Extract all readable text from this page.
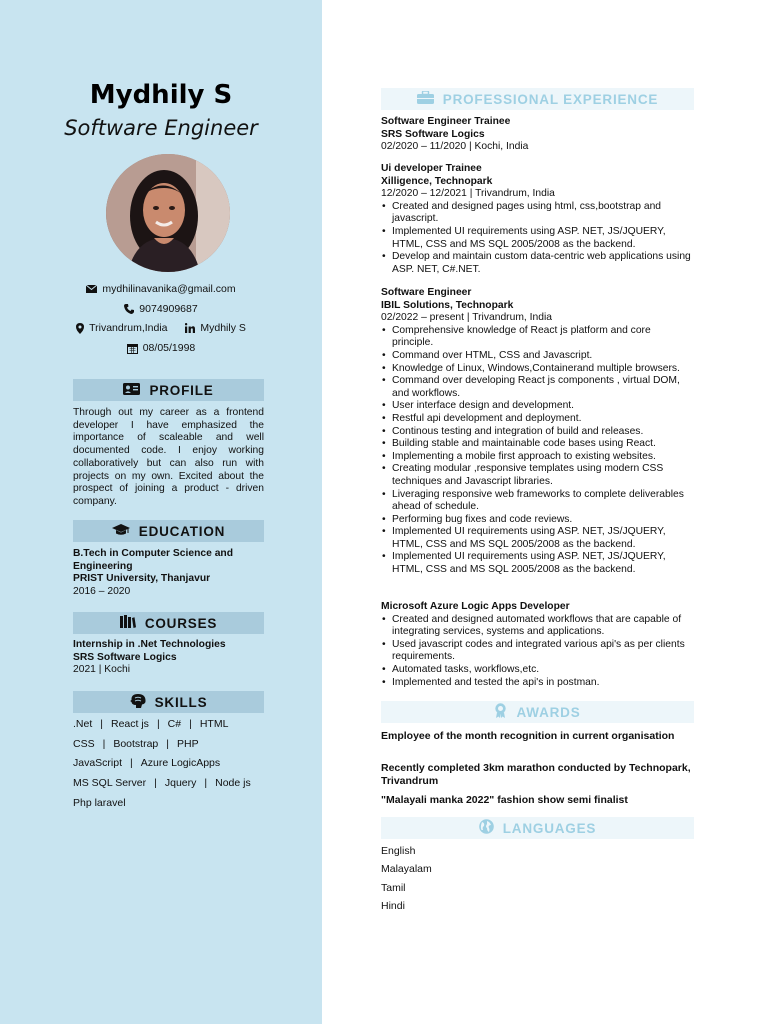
Mydhily S
Software Engineer
mydhilinavanika@gmail.com
9074909687
Trivandrum,India	Mydhily S
08/05/1998
PROFILE
Through out my career as a frontend developer I have emphasized the importance of scaleable and well documented code. I enjoy working collaboratively but can also run with projects on my own. Excited about the prospect of joining a product - driven company.
EDUCATION
B.Tech in Computer Science and Engineering
PRIST University, Thanjavur
2016 – 2020
COURSES
Internship in .Net Technologies
SRS Software Logics
2021 | Kochi
SKILLS
.Net | React js | C# | HTML
CSS | Bootstrap | PHP
JavaScript | Azure LogicApps
MS SQL Server | Jquery | Node js
Php laravel
PROFESSIONAL EXPERIENCE
Software Engineer Trainee
SRS Software Logics
02/2020 – 11/2020 | Kochi, India
Ui developer Trainee
Xilligence, Technopark
12/2020 – 12/2021 | Trivandrum, India
• Created and designed pages using html, css,bootstrap and javascript.
• Implemented UI requirements using ASP. NET, JS/JQUERY, HTML, CSS and MS SQL 2005/2008 as the backend.
• Develop and maintain custom data-centric web applications using ASP. NET, C#.NET.
Software Engineer
IBIL Solutions, Technopark
02/2022 – present | Trivandrum, India
• Comprehensive knowledge of React js platform and core principle.
• Command over HTML, CSS and Javascript.
• Knowledge of Linux, Windows,Containerand multiple browsers.
• Command over developing React js components , virtual DOM, and workflows.
• User interface design and development.
• Restful api development and deployment.
• Continous testing and integration of build and releases.
• Building stable and maintainable code bases using React.
• Implementing a mobile first approach to existing websites.
• Creating modular ,responsive templates using modern CSS techniques and Javascript libraries.
• Liveraging responsive web frameworks to complete deliverables ahead of schedule.
• Performing bug fixes and code reviews.
• Implemented UI requirements using ASP. NET, JS/JQUERY, HTML, CSS and MS SQL 2005/2008 as the backend.
• Implemented UI requirements using ASP. NET, JS/JQUERY, HTML, CSS and MS SQL 2005/2008 as the backend.
Microsoft Azure Logic Apps Developer
• Created and designed automated workflows that are capable of integrating services, systems and applications.
• Used javascript codes and integrated various api's as per clients requirements.
• Automated tasks, workflows,etc.
• Implemented and tested the api's in postman.
AWARDS
Employee of the month recognition in current organisation
Recently completed 3km marathon conducted by Technopark, Trivandrum
"Malayali manka 2022" fashion show semi finalist
LANGUAGES
English
Malayalam
Tamil
Hindi
